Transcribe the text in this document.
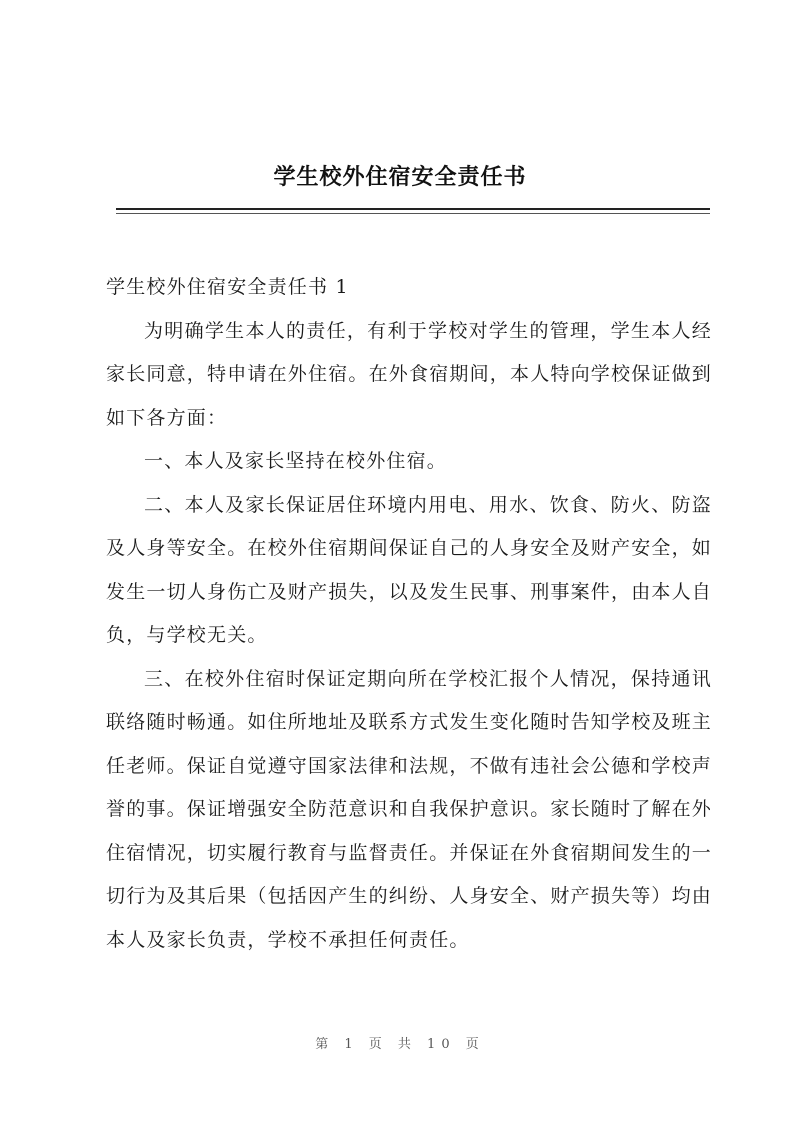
学生校外住宿安全责任书

学生校外住宿安全责任书 1

为明确学生本人的责任，有利于学校对学生的管理，学生本人经家长同意，特申请在外住宿。在外食宿期间，本人特向学校保证做到如下各方面：

一、本人及家长坚持在校外住宿。

二、本人及家长保证居住环境内用电、用水、饮食、防火、防盗及人身等安全。在校外住宿期间保证自己的人身安全及财产安全，如发生一切人身伤亡及财产损失，以及发生民事、刑事案件，由本人自负，与学校无关。

三、在校外住宿时保证定期向所在学校汇报个人情况，保持通讯联络随时畅通。如住所地址及联系方式发生变化随时告知学校及班主任老师。保证自觉遵守国家法律和法规，不做有违社会公德和学校声誉的事。保证增强安全防范意识和自我保护意识。家长随时了解在外住宿情况，切实履行教育与监督责任。并保证在外食宿期间发生的一切行为及其后果（包括因产生的纠纷、人身安全、财产损失等）均由本人及家长负责，学校不承担任何责任。

第 1 页 共 10 页
